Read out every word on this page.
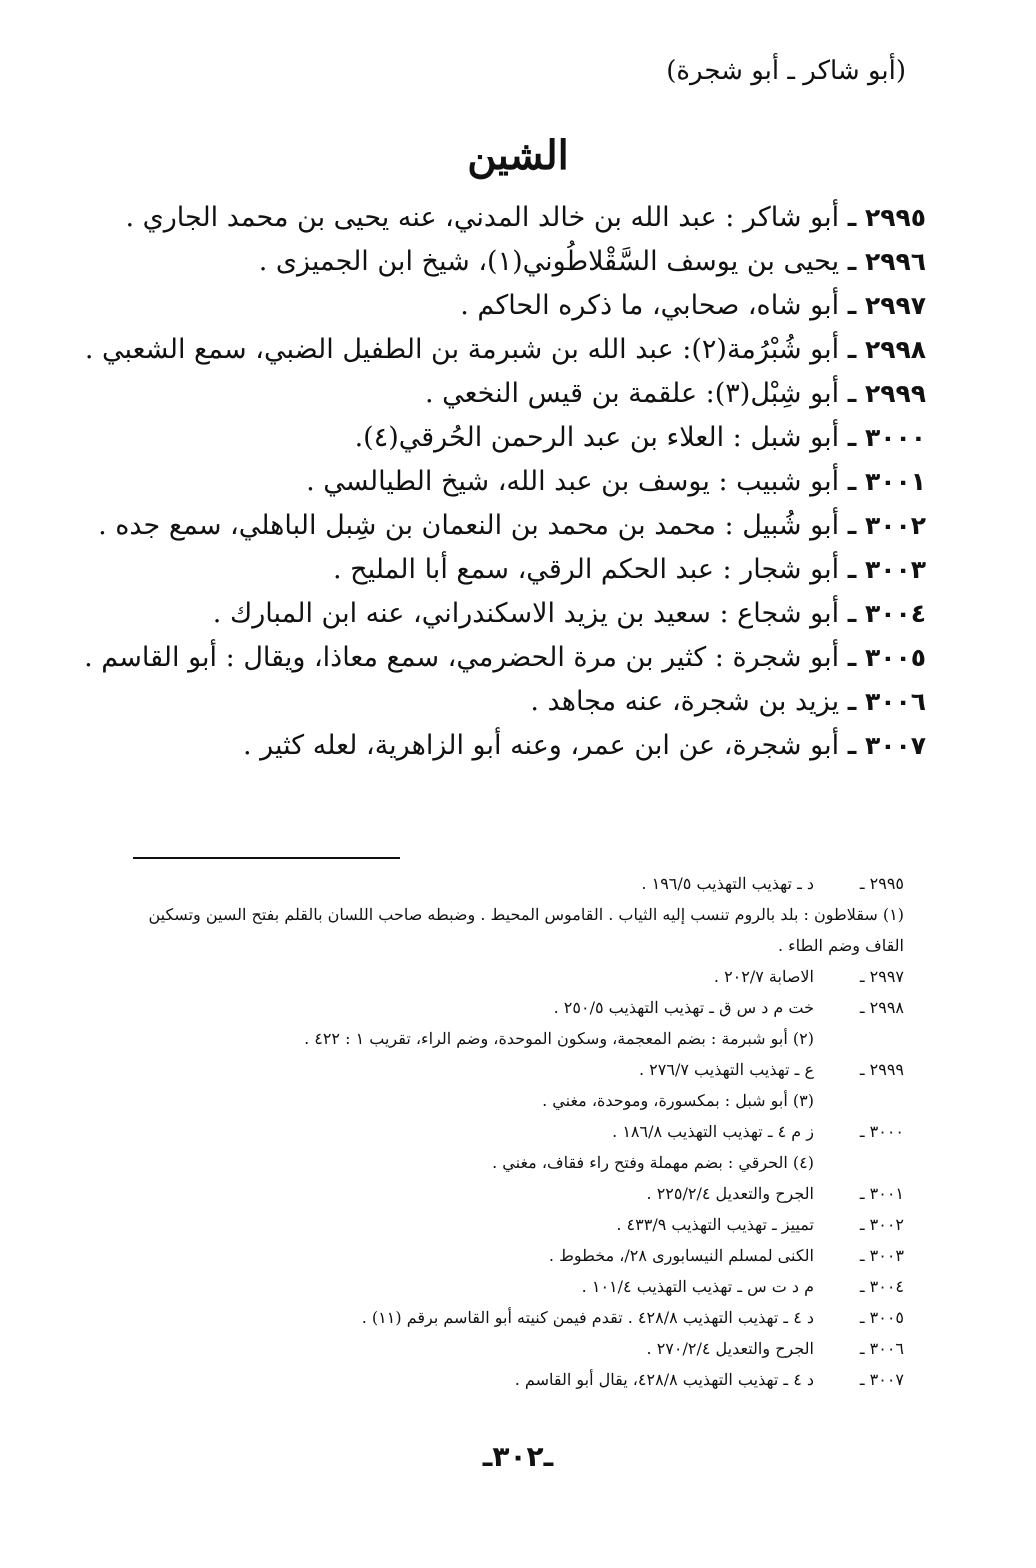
(أبو شاكر ـ أبو شجرة)
الشين
٢٩٩٥ ـ أبو شاكر : عبد الله بن خالد المدني، عنه يحيى بن محمد الجاري .
٢٩٩٦ ـ يحيى بن يوسف السَّقْلاطُوني(١)، شيخ ابن الجميزى .
٢٩٩٧ ـ أبو شاه، صحابي، ما ذكره الحاكم .
٢٩٩٨ ـ أبو شُبْرُمة(٢): عبد الله بن شبرمة بن الطفيل الضبي، سمع الشعبي .
٢٩٩٩ ـ أبو شِبْل(٣): علقمة بن قيس النخعي .
٣٠٠٠ ـ أبو شبل : العلاء بن عبد الرحمن الحُرقي(٤).
٣٠٠١ ـ أبو شبيب : يوسف بن عبد الله، شيخ الطيالسي .
٣٠٠٢ ـ أبو شُبيل : محمد بن محمد بن النعمان بن شِبل الباهلي، سمع جده .
٣٠٠٣ ـ أبو شجار : عبد الحكم الرقي، سمع أبا المليح .
٣٠٠٤ ـ أبو شجاع : سعيد بن يزيد الاسكندراني، عنه ابن المبارك .
٣٠٠٥ ـ أبو شجرة : كثير بن مرة الحضرمي، سمع معاذا، ويقال : أبو القاسم .
٣٠٠٦ ـ يزيد بن شجرة، عنه مجاهد .
٣٠٠٧ ـ أبو شجرة، عن ابن عمر، وعنه أبو الزاهرية، لعله كثير .
٢٩٩٥ ـ
د ـ تهذيب التهذيب ١٩٦/٥ .
(١) سقلاطون : بلد بالروم تنسب إليه الثياب . القاموس المحيط . وضبطه صاحب اللسان بالقلم بفتح السين وتسكين القاف وضم الطاء .
٢٩٩٧ ـ
الاصابة ٢٠٢/٧ .
٢٩٩٨ ـ
خت م د س ق ـ تهذيب التهذيب ٢٥٠/٥ .
(٢) أبو شبرمة : بضم المعجمة، وسكون الموحدة، وضم الراء، تقريب ١ : ٤٢٢ .
٢٩٩٩ ـ
ع ـ تهذيب التهذيب ٢٧٦/٧ .
(٣) أبو شبل : بمكسورة، وموحدة، مغني .
٣٠٠٠ ـ
ز م ٤ ـ تهذيب التهذيب ١٨٦/٨ .
(٤) الحرقي : بضم مهملة وفتح راء فقاف، مغني .
٣٠٠١ ـ
الجرح والتعديل ٢٢٥/٢/٤ .
٣٠٠٢ ـ
تمييز ـ تهذيب التهذيب ٤٣٣/٩ .
٣٠٠٣ ـ
الكنى لمسلم النيسابورى ٢٨/، مخطوط .
٣٠٠٤ ـ
م د ت س ـ تهذيب التهذيب ١٠١/٤ .
٣٠٠٥ ـ
د ٤ ـ تهذيب التهذيب ٤٢٨/٨ . تقدم فيمن كنيته أبو القاسم برقم (١١) .
٣٠٠٦ ـ
الجرح والتعديل ٢٧٠/٢/٤ .
٣٠٠٧ ـ
د ٤ ـ تهذيب التهذيب ٤٢٨/٨، يقال أبو القاسم .
ـ٣٠٢ـ
